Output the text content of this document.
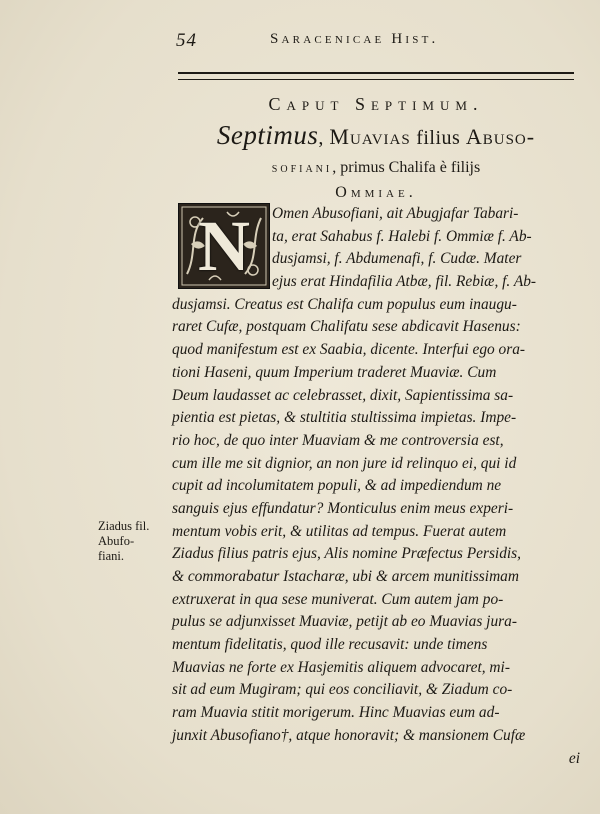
54	Saracenicae Hist.
Caput Septimum.
Septimus, Muavias filius Abuso-
sofiani, primus Chalifa è filijs
Ommiae.
N	Omen Abusofiani, ait Abugjafar Tabari-
ta, erat Sahabus f. Halebi f. Ommiæ f. Ab-
dusjamsi, f. Abdumenafi, f. Cudæ. Mater
ejus erat Hindafilia Atbæ, fil. Rebiæ, f. Ab-
dusjamsi. Creatus est Chalifa cum populus eum inaugu-
raret Cufæ, postquam Chalifatu sese abdicavit Hasenus:
quod manifestum est ex Saabia, dicente. Interfui ego ora-
tioni Haseni, quum Imperium traderet Muaviæ. Cum
Deum laudasset ac celebrasset, dixit, Sapientissima sa-
pientia est pietas, & stultitia stultissima impietas. Impe-
rio hoc, de quo inter Muaviam & me controversia est,
cum ille me sit dignior, an non jure id relinquo ei, qui id
cupit ad incolumitatem populi, & ad impediendum ne
sanguis ejus effundatur? Monticulus enim meus experi-
mentum vobis erit, & utilitas ad tempus. Fuerat autem
Ziadus filius patris ejus, Alis nomine Præfectus Persidis,
& commorabatur Istacharæ, ubi & arcem munitissimam
extruxerat in qua sese muniverat. Cum autem jam po-
pulus se adjunxisset Muaviæ, petijt ab eo Muavias jura-
mentum fidelitatis, quod ille recusavit: unde timens
Muavias ne forte ex Hasjemitis aliquem advocaret, mi-
sit ad eum Mugiram; qui eos conciliavit, & Ziadum co-
ram Muavia stitit morigerum. Hinc Muavias eum ad-
junxit Abusofiano†, atque honoravit; & mansionem Cufæ
ei
Ziadus fil.
Abufo-
fiani.
